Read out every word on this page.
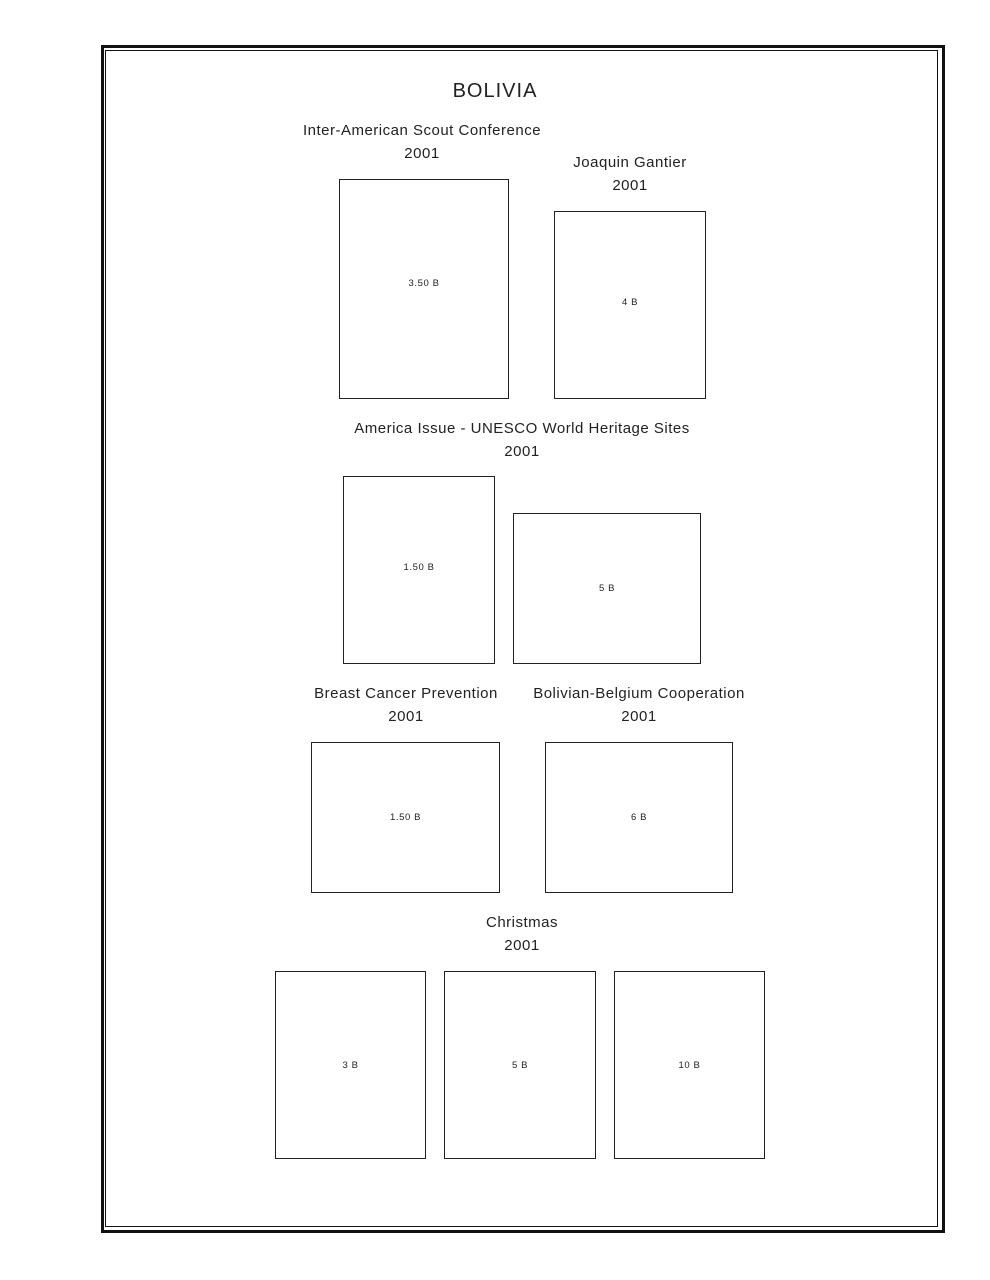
BOLIVIA
Inter-American Scout Conference
2001
3.50 B
Joaquin Gantier
2001
4 B
America Issue - UNESCO World Heritage Sites
2001
1.50 B
5 B
Breast Cancer Prevention
2001
1.50 B
Bolivian-Belgium Cooperation
2001
6 B
Christmas
2001
3 B	5 B	10 B
